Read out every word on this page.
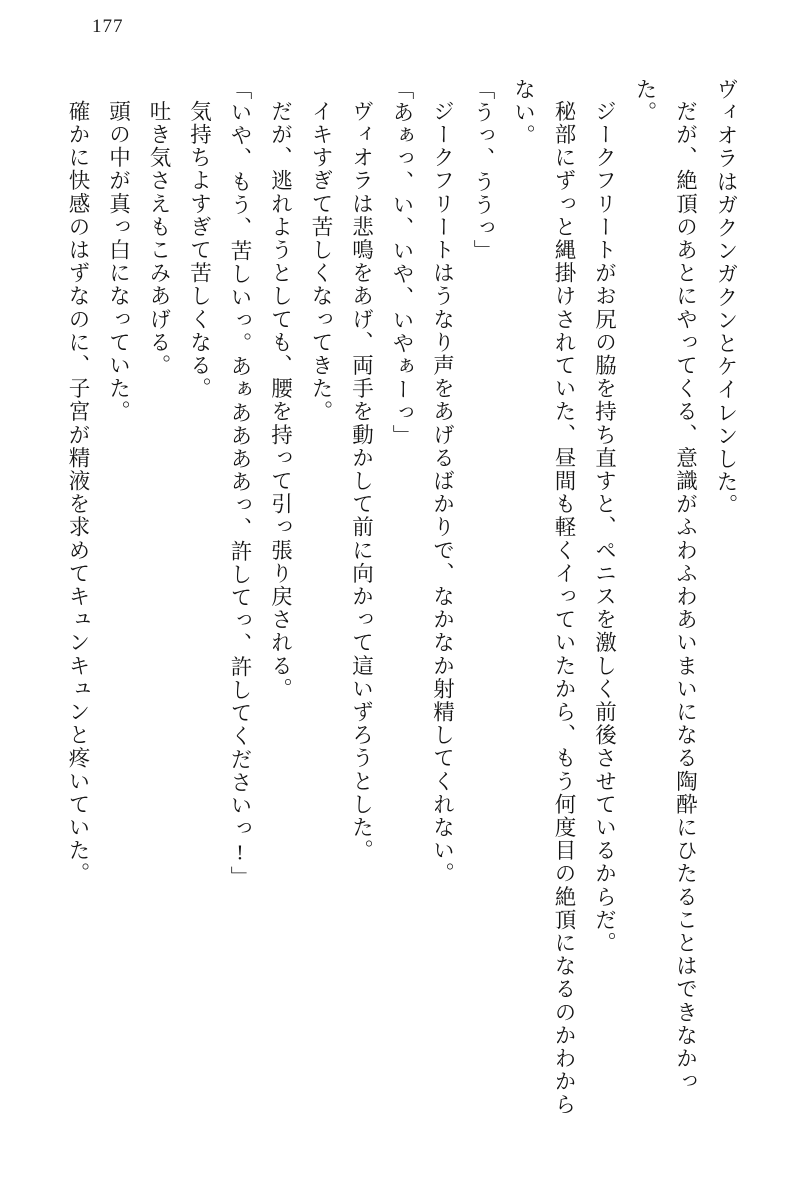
177

ヴィオラはガクンガクンとケイレンした。

だが、絶頂のあとにやってくる、意識がふわふわあいまいになる陶酔にひたることはできなかった。

ジークフリートがお尻の脇を持ち直すと、ペニスを激しく前後させているからだ。

秘部にずっと縄掛けされていた、昼間も軽くイっていたから、もう何度目の絶頂になるのかわからない。

「うっ、ううっ」

ジークフリートはうなり声をあげるばかりで、なかなか射精してくれない。

「あぁっ、い、いや、いやぁーっ」

ヴィオラは悲鳴をあげ、両手を動かして前に向かって這いずろうとした。

イキすぎて苦しくなってきた。

だが、逃れようとしても、腰を持って引っ張り戻される。

「いや、もう、苦しいっ。あぁああああっ、許してっ、許してくださいっ!」

気持ちよすぎて苦しくなる。

吐き気さえもこみあげる。

頭の中が真っ白になっていた。

確かに快感のはずなのに、子宮が精液を求めてキュンキュンと疼いていた。
